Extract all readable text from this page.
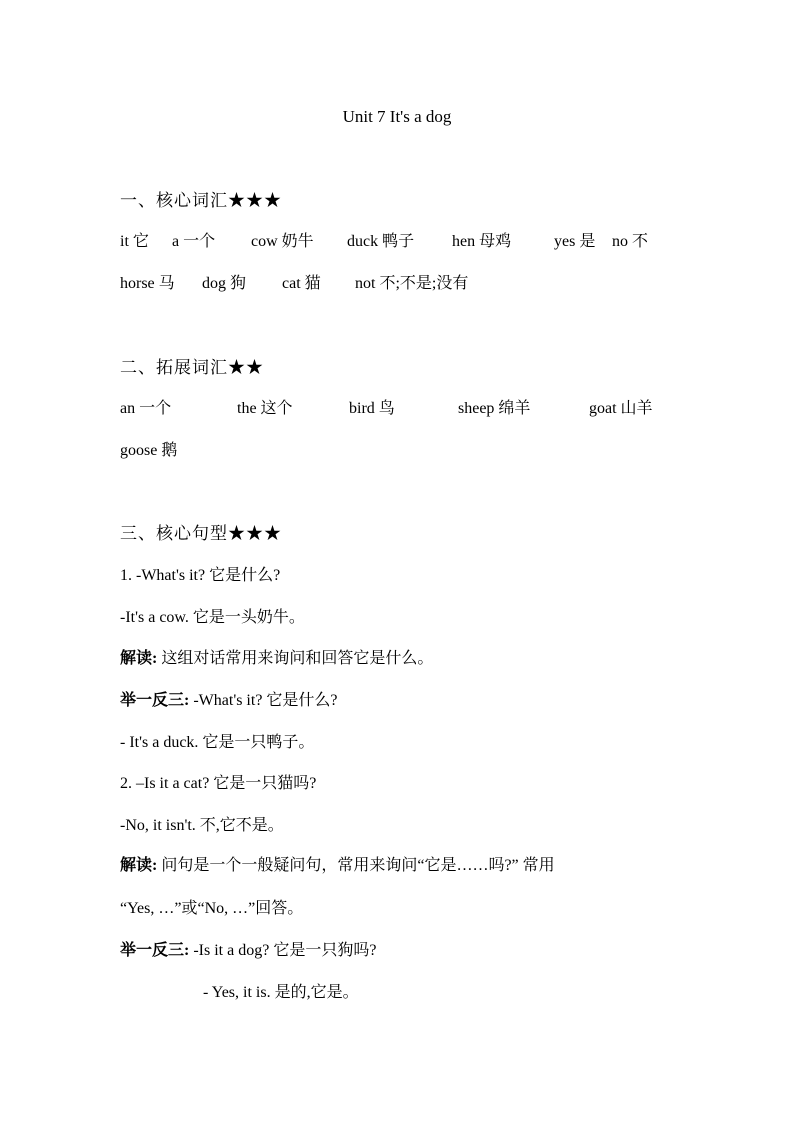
Unit 7 It's a dog
一、核心词汇★★★
it 它 a 一个 cow 奶牛 duck 鸭子 hen 母鸡	yes 是 no 不
horse 马 dog 狗 cat 猫 not 不;不是;没有
二、拓展词汇★★
an 一个	the 这个	bird 鸟	sheep 绵羊	goat 山羊
goose 鹅
三、核心句型★★★
1. -What's it? 它是什么?
-It's a cow. 它是一头奶牛。
解读: 这组对话常用来询问和回答它是什么。
举一反三: -What's it? 它是什么?
- It's a duck. 它是一只鸭子。
2. –Is it a cat? 它是一只猫吗?
-No, it isn't. 不,它不是。
解读: 问句是一个一般疑问句，常用来询问“它是……吗?” 常用
“Yes, …”或“No, …”回答。
举一反三: -Is it a dog? 它是一只狗吗?
- Yes, it is. 是的,它是。
